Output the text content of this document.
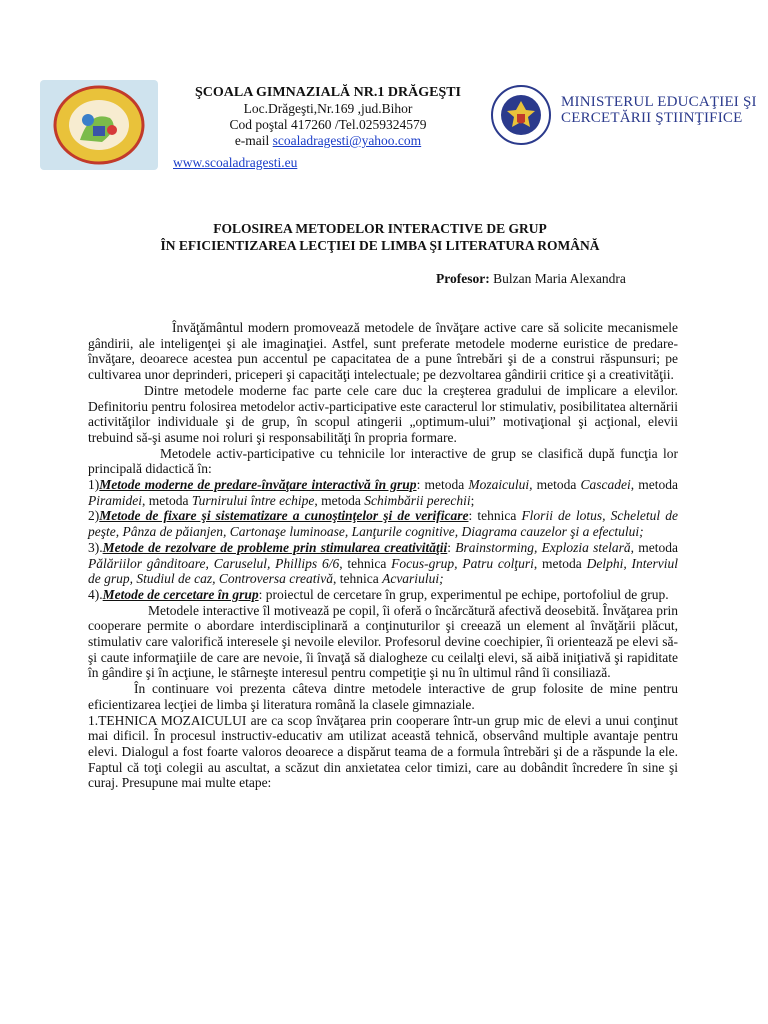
ŞCOALA GIMNAZIALĂ NR.1 DRĂGEŞTI
Loc.Drăgeşti,Nr.169 ,jud.Bihor
Cod poştal 417260 /Tel.0259324579
e-mail scoaladragesti@yahoo.com
www.scoaladragesti.eu
MINISTERUL EDUCAŢIEI ŞI
CERCETĂRII ŞTIINŢIFICE
FOLOSIREA METODELOR INTERACTIVE DE GRUP
ÎN EFICIENTIZAREA LECŢIEI DE LIMBA ŞI LITERATURA ROMÂNĂ
Profesor: Bulzan Maria Alexandra

Învăţământul modern promovează metodele de învăţare active care să solicite mecanismele gândirii, ale inteligenţei şi ale imaginaţiei. Astfel, sunt preferate metodele moderne euristice de predare-învăţare, deoarece acestea pun accentul pe capacitatea de a pune întrebări şi de a construi răspunsuri; pe cultivarea unor deprinderi, priceperi şi capacităţi intelectuale; pe dezvoltarea gândirii critice şi a creativităţii.

Dintre metodele moderne fac parte cele care duc la creşterea gradului de implicare a elevilor. Definitoriu pentru folosirea metodelor activ-participative este caracterul lor stimulativ, posibilitatea alternării activităţilor individuale şi de grup, în scopul atingerii „optimum-ului” motivaţional şi acţional, elevii trebuind să-şi asume noi roluri şi responsabilităţi în propria formare.

Metodele activ-participative cu tehnicile lor interactive de grup se clasifică după funcţia lor principală didactică în:

1)Metode moderne de predare-învăţare interactivă în grup: metoda Mozaicului, metoda Cascadei, metoda Piramidei, metoda Turnirului între echipe, metoda Schimbării perechii;

2)Metode de fixare şi sistematizare a cunoştinţelor şi de verificare: tehnica Florii de lotus, Scheletul de peşte, Pânza de păianjen, Cartonaşe luminoase, Lanţurile cognitive, Diagrama cauzelor şi a efectului;

3).Metode de rezolvare de probleme prin stimularea creativităţii: Brainstorming, Explozia stelară, metoda Pălăriilor gânditoare, Caruselul, Phillips 6/6, tehnica Focus-grup, Patru colţuri, metoda Delphi, Interviul de grup, Studiul de caz, Controversa creativă, tehnica Acvariului;

4).Metode de cercetare în grup: proiectul de cercetare în grup, experimentul pe echipe, portofoliul de grup.

Metodele interactive îl motivează pe copil, îi oferă o încărcătură afectivă deosebită. Învăţarea prin cooperare permite o abordare interdisciplinară a conţinuturilor şi creează un element al învăţării plăcut, stimulativ care valorifică interesele şi nevoile elevilor. Profesorul devine coechipier, îi orientează pe elevi să-şi caute informaţiile de care are nevoie, îi învaţă să dialogheze cu ceilalţi elevi, să aibă iniţiativă şi rapiditate în gândire şi în acţiune, le stârneşte interesul pentru competiţie şi nu în ultimul rând îi consiliază.

În continuare voi prezenta câteva dintre metodele interactive de grup folosite de mine pentru eficientizarea lecţiei de limba şi literatura română la clasele gimnaziale.

1.TEHNICA MOZAICULUI are ca scop învăţarea prin cooperare într-un grup mic de elevi a unui conţinut mai dificil. În procesul instructiv-educativ am utilizat această tehnică, observând multiple avantaje pentru elevi. Dialogul a fost foarte valoros deoarece a dispărut teama de a formula întrebări şi de a răspunde la ele. Faptul că toţi colegii au ascultat, a scăzut din anxietatea celor timizi, care au dobândit încredere în sine şi curaj. Presupune mai multe etape:
